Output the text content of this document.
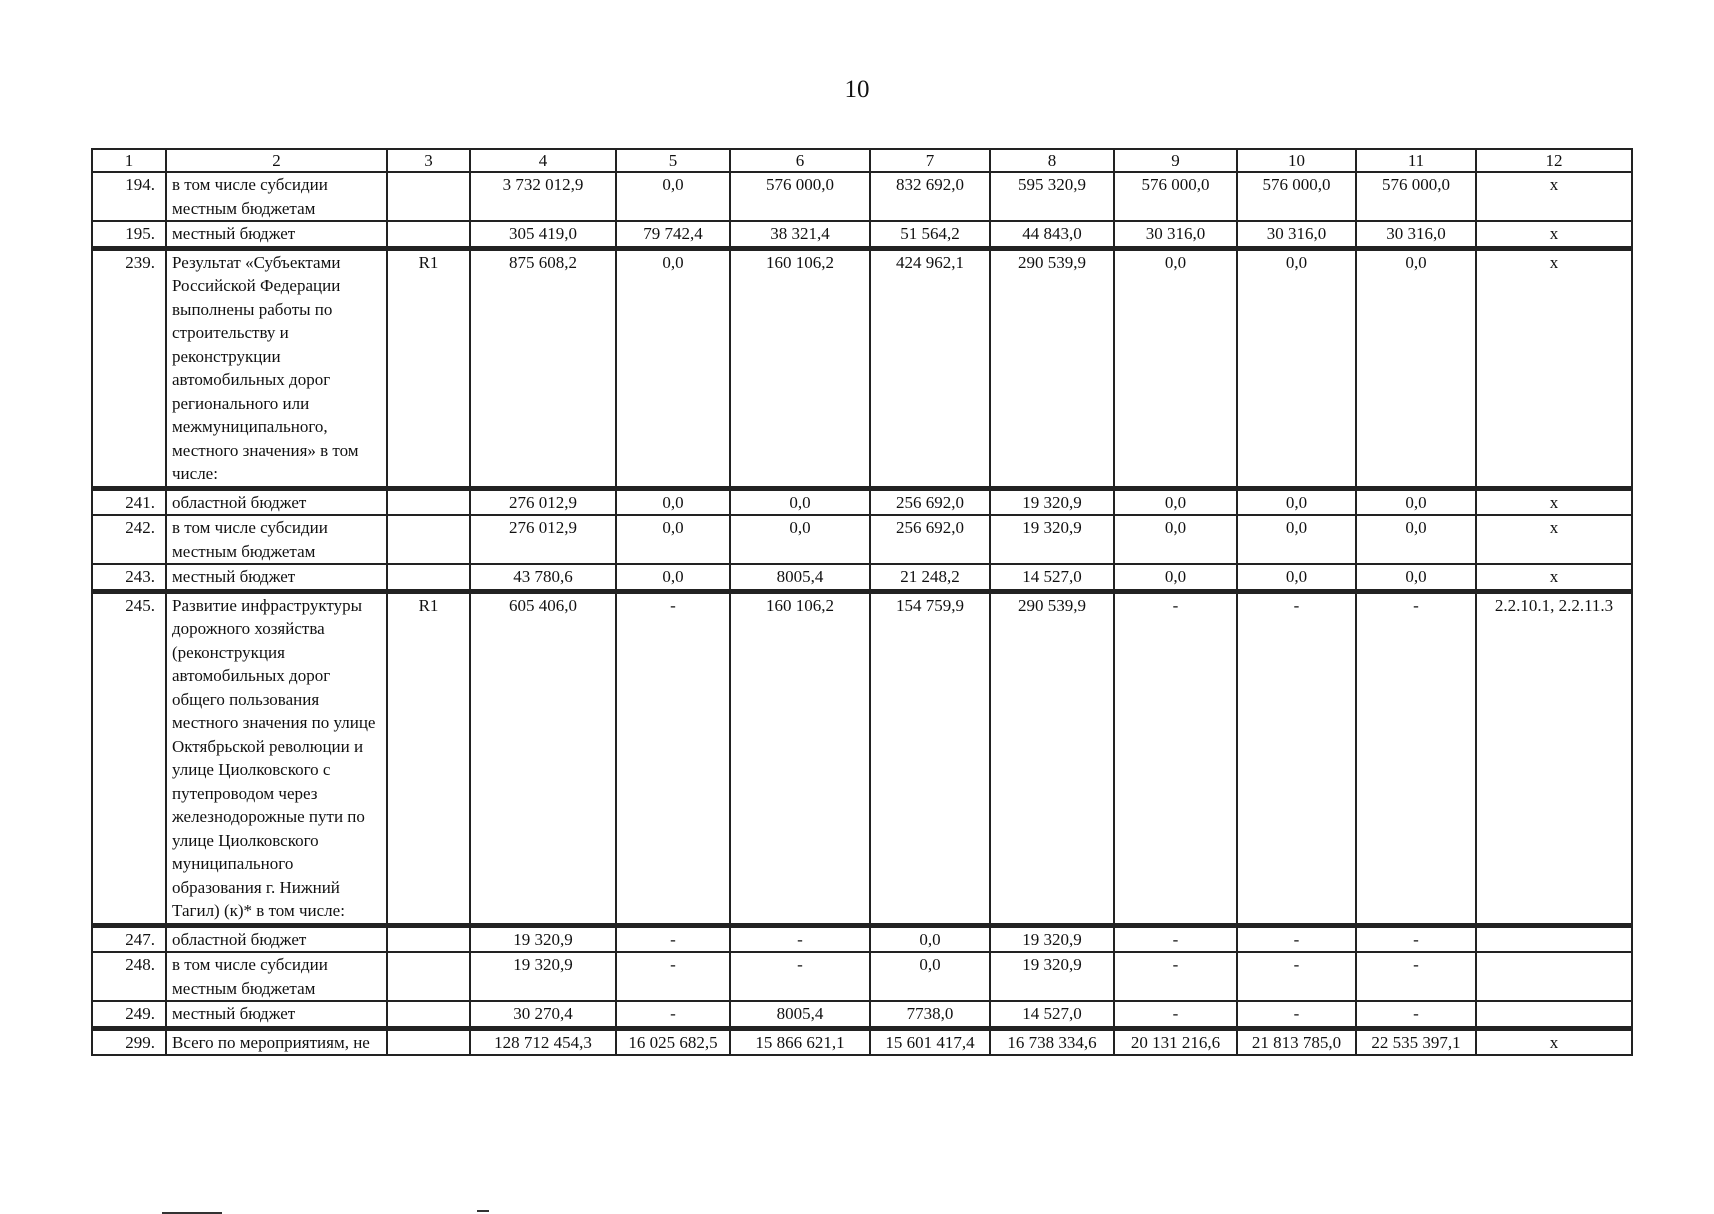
10
1	2	3	4	5	6	7	8	9	10	11	12
194.	в том числе субсидии местным бюджетам		3 732 012,9	0,0	576 000,0	832 692,0	595 320,9	576 000,0	576 000,0	576 000,0	x
195.	местный бюджет		305 419,0	79 742,4	38 321,4	51 564,2	44 843,0	30 316,0	30 316,0	30 316,0	x
239.	Результат «Субъектами Российской Федерации выполнены работы по строительству и реконструкции автомобильных дорог регионального или межмуниципального, местного значения» в том числе:	R1	875 608,2	0,0	160 106,2	424 962,1	290 539,9	0,0	0,0	0,0	x
241.	областной бюджет		276 012,9	0,0	0,0	256 692,0	19 320,9	0,0	0,0	0,0	x
242.	в том числе субсидии местным бюджетам		276 012,9	0,0	0,0	256 692,0	19 320,9	0,0	0,0	0,0	x
243.	местный бюджет		43 780,6	0,0	8005,4	21 248,2	14 527,0	0,0	0,0	0,0	x
245.	Развитие инфраструктуры дорожного хозяйства (реконструкция автомобильных дорог общего пользования местного значения по улице Октябрьской революции и улице Циолковского с путепроводом через железнодорожные пути по улице Циолковского муниципального образования г. Нижний Тагил) (к)* в том числе:	R1	605 406,0	-	160 106,2	154 759,9	290 539,9	-	-	-	2.2.10.1, 2.2.11.3
247.	областной бюджет		19 320,9	-	-	0,0	19 320,9	-	-	-	
248.	в том числе субсидии местным бюджетам		19 320,9	-	-	0,0	19 320,9	-	-	-	
249.	местный бюджет		30 270,4	-	8005,4	7738,0	14 527,0	-	-	-	
299.	Всего по мероприятиям, не		128 712 454,3	16 025 682,5	15 866 621,1	15 601 417,4	16 738 334,6	20 131 216,6	21 813 785,0	22 535 397,1	x
